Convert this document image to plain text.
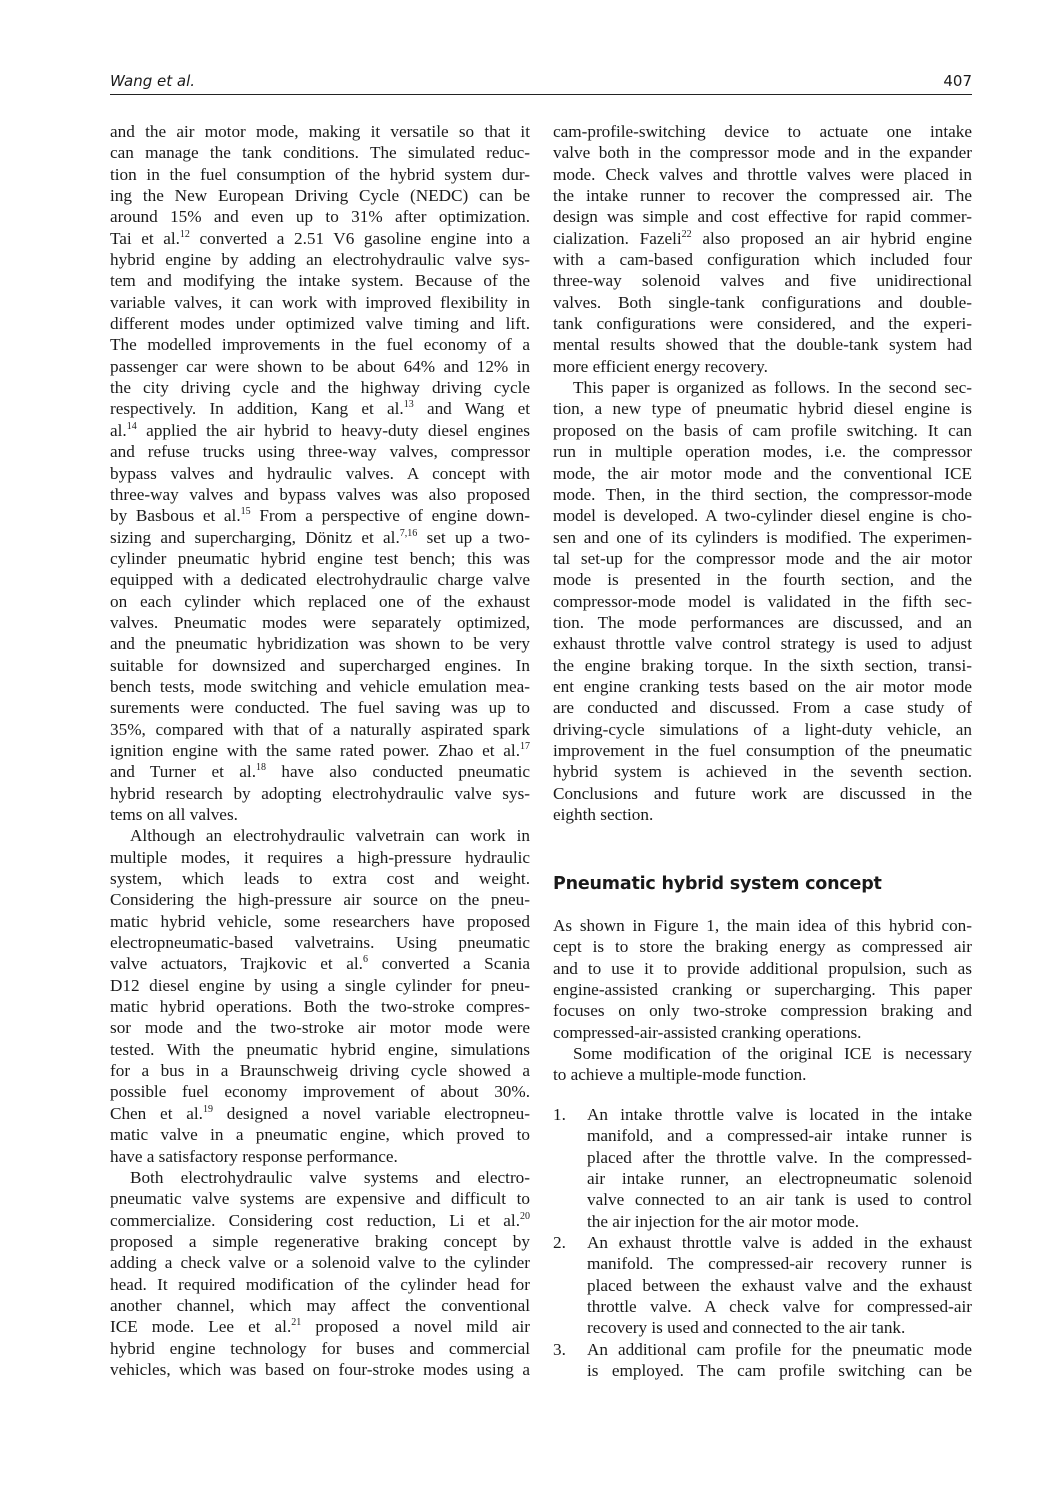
Wang et al.	407
and the air motor mode, making it versatile so that it
can manage the tank conditions. The simulated reduc-
tion in the fuel consumption of the hybrid system dur-
ing the New European Driving Cycle (NEDC) can be
around 15% and even up to 31% after optimization.
Tai et al.$^{12}$ converted a 2.51 V6 gasoline engine into a
hybrid engine by adding an electrohydraulic valve sys-
tem and modifying the intake system. Because of the
variable valves, it can work with improved flexibility in
different modes under optimized valve timing and lift.
The modelled improvements in the fuel economy of a
passenger car were shown to be about 64% and 12% in
the city driving cycle and the highway driving cycle
respectively. In addition, Kang et al.$^{13}$ and Wang et
al.$^{14}$ applied the air hybrid to heavy-duty diesel engines
and refuse trucks using three-way valves, compressor
bypass valves and hydraulic valves. A concept with
three-way valves and bypass valves was also proposed
by Basbous et al.$^{15}$ From a perspective of engine down-
sizing and supercharging, Dönitz et al.$^{7,16}$ set up a two-
cylinder pneumatic hybrid engine test bench; this was
equipped with a dedicated electrohydraulic charge valve
on each cylinder which replaced one of the exhaust
valves. Pneumatic modes were separately optimized,
and the pneumatic hybridization was shown to be very
suitable for downsized and supercharged engines. In
bench tests, mode switching and vehicle emulation mea-
surements were conducted. The fuel saving was up to
35%, compared with that of a naturally aspirated spark
ignition engine with the same rated power. Zhao et al.$^{17}$
and Turner et al.$^{18}$ have also conducted pneumatic
hybrid research by adopting electrohydraulic valve sys-
tems on all valves.
Although an electrohydraulic valvetrain can work in
multiple modes, it requires a high-pressure hydraulic
system, which leads to extra cost and weight.
Considering the high-pressure air source on the pneu-
matic hybrid vehicle, some researchers have proposed
electropneumatic-based valvetrains. Using pneumatic
valve actuators, Trajkovic et al.$^6$ converted a Scania
D12 diesel engine by using a single cylinder for pneu-
matic hybrid operations. Both the two-stroke compres-
sor mode and the two-stroke air motor mode were
tested. With the pneumatic hybrid engine, simulations
for a bus in a Braunschweig driving cycle showed a
possible fuel economy improvement of about 30%.
Chen et al.$^{19}$ designed a novel variable electropneu-
matic valve in a pneumatic engine, which proved to
have a satisfactory response performance.
Both electrohydraulic valve systems and electro-
pneumatic valve systems are expensive and difficult to
commercialize. Considering cost reduction, Li et al.$^{20}$
proposed a simple regenerative braking concept by
adding a check valve or a solenoid valve to the cylinder
head. It required modification of the cylinder head for
another channel, which may affect the conventional
ICE mode. Lee et al.$^{21}$ proposed a novel mild air
hybrid engine technology for buses and commercial
vehicles, which was based on four-stroke modes using a
cam-profile-switching device to actuate one intake
valve both in the compressor mode and in the expander
mode. Check valves and throttle valves were placed in
the intake runner to recover the compressed air. The
design was simple and cost effective for rapid commer-
cialization. Fazeli$^{22}$ also proposed an air hybrid engine
with a cam-based configuration which included four
three-way solenoid valves and five unidirectional
valves. Both single-tank configurations and double-
tank configurations were considered, and the experi-
mental results showed that the double-tank system had
more efficient energy recovery.
This paper is organized as follows. In the second sec-
tion, a new type of pneumatic hybrid diesel engine is
proposed on the basis of cam profile switching. It can
run in multiple operation modes, i.e. the compressor
mode, the air motor mode and the conventional ICE
mode. Then, in the third section, the compressor-mode
model is developed. A two-cylinder diesel engine is cho-
sen and one of its cylinders is modified. The experimen-
tal set-up for the compressor mode and the air motor
mode is presented in the fourth section, and the
compressor-mode model is validated in the fifth sec-
tion. The mode performances are discussed, and an
exhaust throttle valve control strategy is used to adjust
the engine braking torque. In the sixth section, transi-
ent engine cranking tests based on the air motor mode
are conducted and discussed. From a case study of
driving-cycle simulations of a light-duty vehicle, an
improvement in the fuel consumption of the pneumatic
hybrid system is achieved in the seventh section.
Conclusions and future work are discussed in the
eighth section.
Pneumatic hybrid system concept
As shown in Figure 1, the main idea of this hybrid con-
cept is to store the braking energy as compressed air
and to use it to provide additional propulsion, such as
engine-assisted cranking or supercharging. This paper
focuses on only two-stroke compression braking and
compressed-air-assisted cranking operations.
Some modification of the original ICE is necessary
to achieve a multiple-mode function.
1. An intake throttle valve is located in the intake
manifold, and a compressed-air intake runner is
placed after the throttle valve. In the compressed-
air intake runner, an electropneumatic solenoid
valve connected to an air tank is used to control
the air injection for the air motor mode.
2. An exhaust throttle valve is added in the exhaust
manifold. The compressed-air recovery runner is
placed between the exhaust valve and the exhaust
throttle valve. A check valve for compressed-air
recovery is used and connected to the air tank.
3. An additional cam profile for the pneumatic mode
is employed. The cam profile switching can be
